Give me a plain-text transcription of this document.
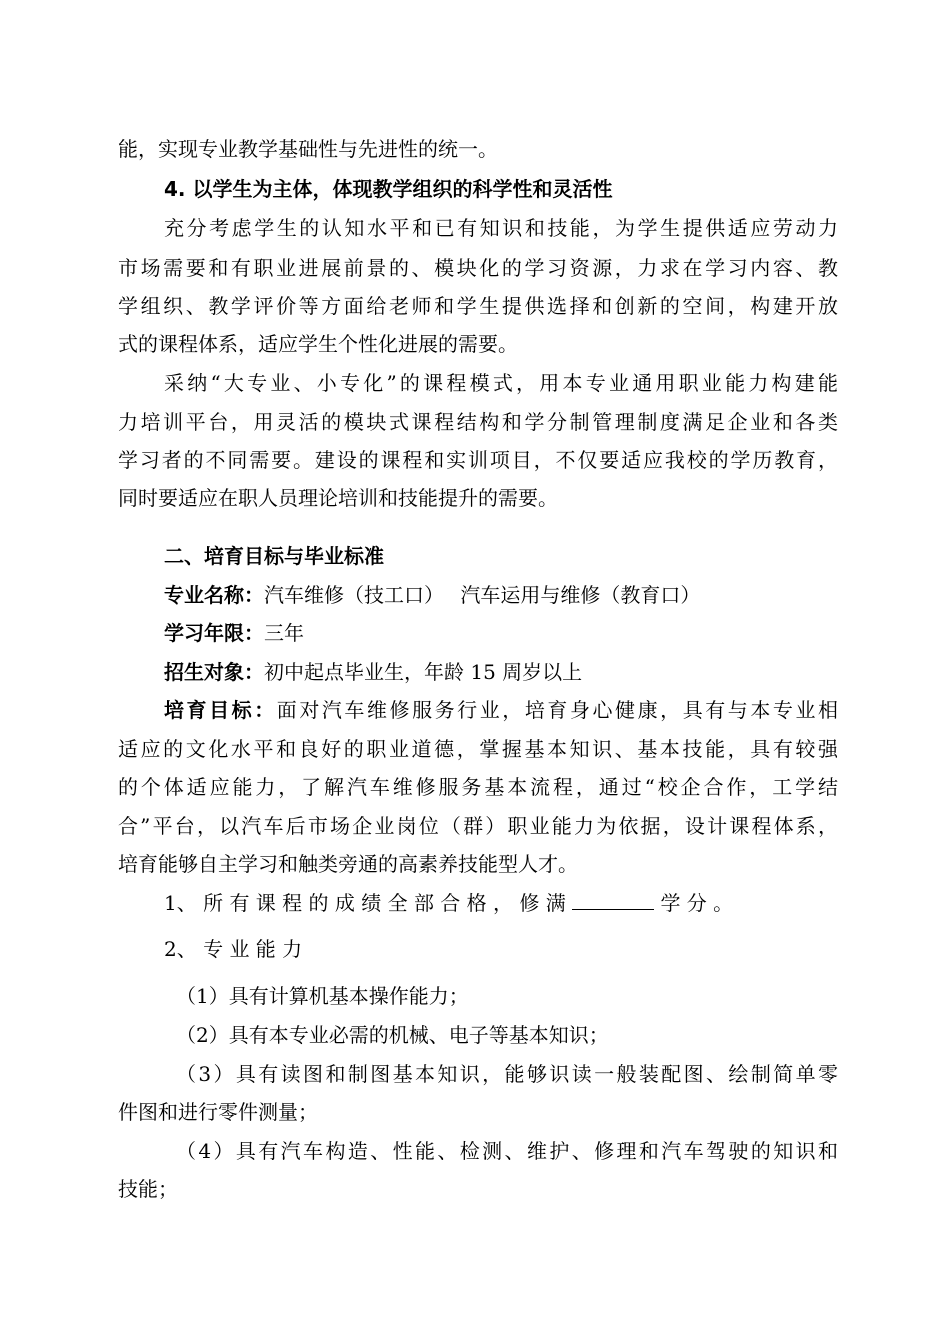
能，实现专业教学基础性与先进性的统一。
4. 以学生为主体，体现教学组织的科学性和灵活性
充分考虑学生的认知水平和已有知识和技能，为学生提供适应劳动力
市场需要和有职业进展前景的、模块化的学习资源，力求在学习内容、教
学组织、教学评价等方面给老师和学生提供选择和创新的空间，构建开放
式的课程体系，适应学生个性化进展的需要。
采纳“大专业、小专化”的课程模式，用本专业通用职业能力构建能
力培训平台，用灵活的模块式课程结构和学分制管理制度满足企业和各类
学习者的不同需要。建设的课程和实训项目，不仅要适应我校的学历教育，
同时要适应在职人员理论培训和技能提升的需要。
二、培育目标与毕业标准
专业名称：汽车维修（技工口）　 汽车运用与维修（教育口）
学习年限：三年
招生对象：初中起点毕业生，年龄 15 周岁以上
培育目标：面对汽车维修服务行业，培育身心健康，具有与本专业相
适应的文化水平和良好的职业道德，掌握基本知识、基本技能，具有较强
的个体适应能力，了解汽车维修服务基本流程，通过“校企合作，工学结
合”平台，以汽车后市场企业岗位（群）职业能力为依据，设计课程体系，
培育能够自主学习和触类旁通的高素养技能型人才。
1、 所 有 课 程 的 成 绩 全 部 合 格 ， 修 满	学 分 。
2、 专 业 能 力
（1）具有计算机基本操作能力；
（2）具有本专业必需的机械、电子等基本知识；
（3）具有读图和制图基本知识，能够识读一般装配图、绘制简单零
件图和进行零件测量；
（4）具有汽车构造、性能、检测、维护、修理和汽车驾驶的知识和
技能；
